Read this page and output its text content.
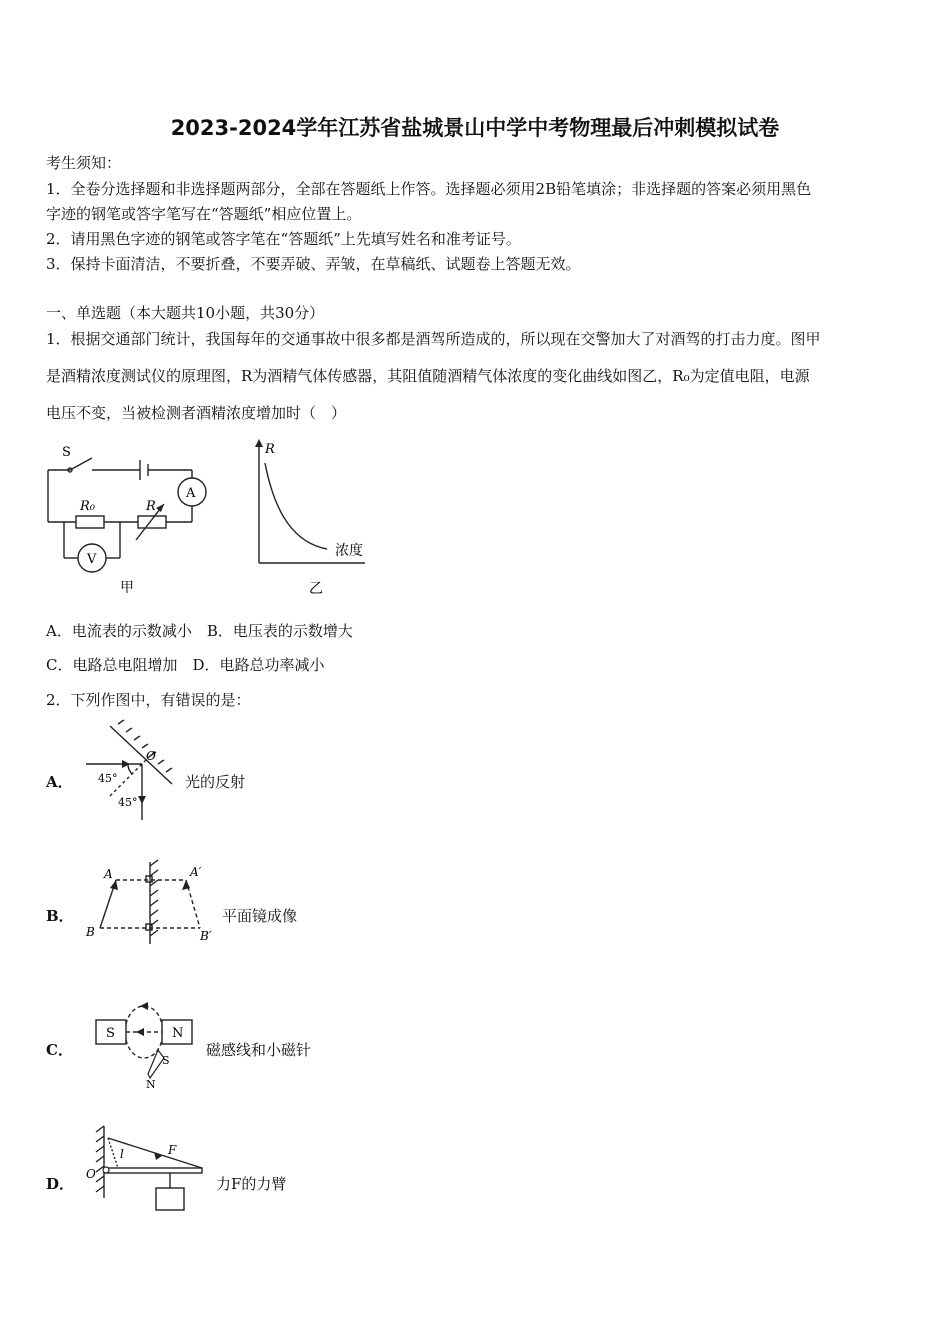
2023-2024学年江苏省盐城景山中学中考物理最后冲刺模拟试卷
考生须知：
1．全卷分选择题和非选择题两部分，全部在答题纸上作答。选择题必须用2B铅笔填涂；非选择题的答案必须用黑色
字迹的钢笔或答字笔写在“答题纸”相应位置上。
2．请用黑色字迹的钢笔或答字笔在“答题纸”上先填写姓名和准考证号。
3．保持卡面清洁，不要折叠，不要弄破、弄皱，在草稿纸、试题卷上答题无效。
一、单选题（本大题共10小题，共30分）
1．根据交通部门统计，我国每年的交通事故中很多都是酒驾所造成的，所以现在交警加大了对酒驾的打击力度。图甲
是酒精浓度测试仪的原理图，R为酒精气体传感器，其阻值随酒精气体浓度的变化曲线如图乙，R₀为定值电阻，电源
电压不变，当被检测者酒精浓度增加时（　）
S
A
V
R₀	R
甲
R
浓度
乙
A．电流表的示数减小　B．电压表的示数增大
C．电路总电阻增加　D．电路总功率减小
2．下列作图中，有错误的是：
A．
O
45°
45°
光的反射
B．
A
B
A′
B′
平面镜成像
C．
S	N
S
N
磁感线和小磁针
D．
O
F
l
力F的力臂
